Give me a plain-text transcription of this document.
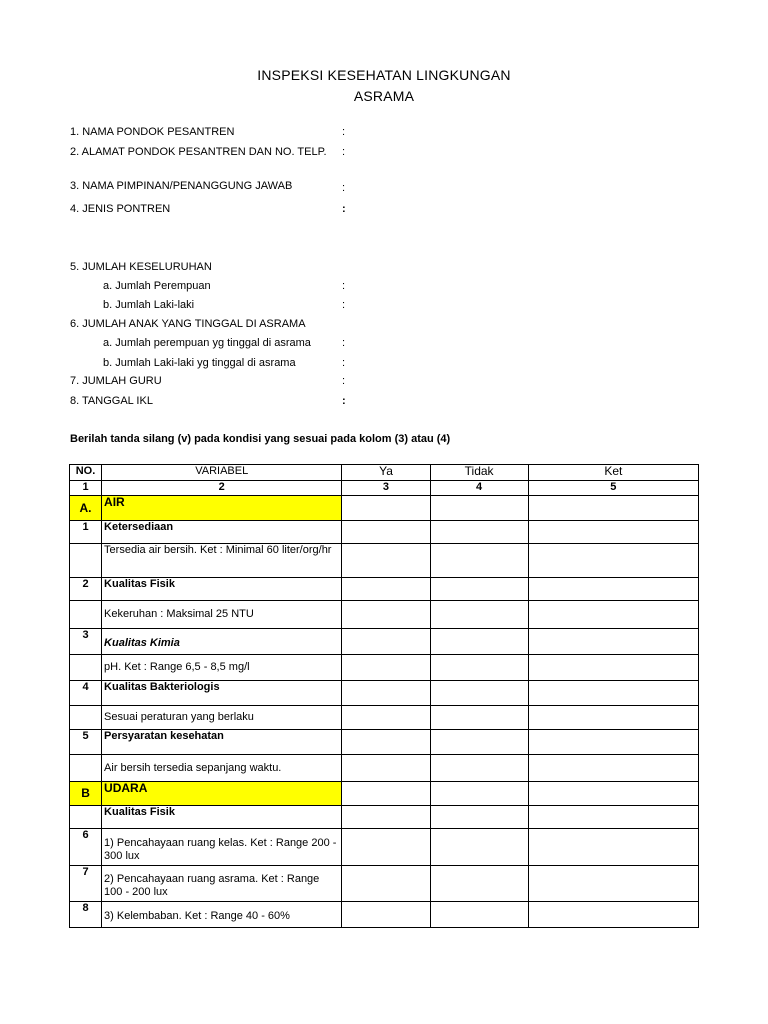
INSPEKSI KESEHATAN LINGKUNGAN
ASRAMA
1. NAMA PONDOK PESANTREN	:
2. ALAMAT PONDOK PESANTREN DAN NO. TELP. :
3. NAMA PIMPINAN/PENANGGUNG JAWAB	:
4. JENIS PONTREN	:
5. JUMLAH KESELURUHAN
a. Jumlah Perempuan	:
b. Jumlah Laki-laki	:
6. JUMLAH ANAK YANG TINGGAL DI ASRAMA
a. Jumlah perempuan yg tinggal di asrama	:
b. Jumlah Laki-laki yg tinggal di asrama	:
7. JUMLAH GURU	:
8. TANGGAL IKL	:
Berilah tanda silang (v) pada kondisi yang sesuai pada kolom (3) atau (4)
NO.	VARIABEL	Ya	Tidak	Ket
1	2	3	4	5
A.	AIR			
1	Ketersediaan			
	Tersedia air bersih. Ket : Minimal 60 liter/org/hr			
2	Kualitas Fisik			
	Kekeruhan : Maksimal 25 NTU			
3	Kualitas Kimia			
	pH. Ket : Range 6,5 - 8,5 mg/l			
4	Kualitas Bakteriologis			
	Sesuai peraturan yang berlaku			
5	Persyaratan kesehatan			
	Air bersih tersedia sepanjang waktu.			
B	UDARA			
	Kualitas Fisik			
6	1) Pencahayaan ruang kelas. Ket : Range 200 - 300 lux			
7	2) Pencahayaan ruang asrama. Ket : Range 100 - 200 lux			
8	3) Kelembaban. Ket : Range 40 - 60%			
